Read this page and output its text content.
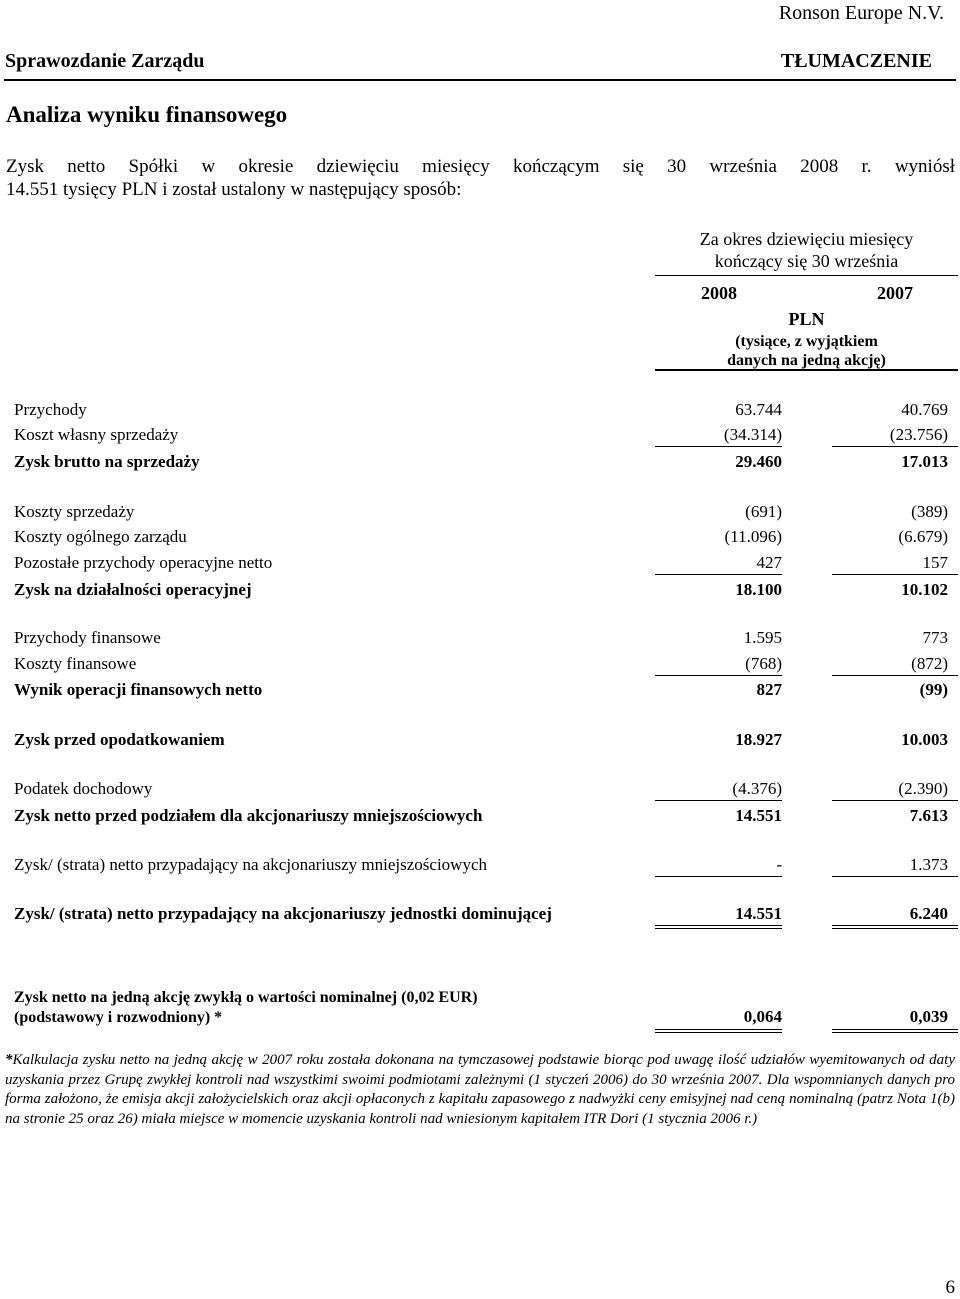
Ronson Europe N.V.
Sprawozdanie Zarządu	TŁUMACZENIE
Analiza wyniku finansowego
Zysk netto Spółki w okresie dziewięciu miesięcy kończącym się 30 września 2008 r. wyniósł
14.551 tysięcy PLN i został ustalony w następujący sposób:
Za okres dziewięciu miesięcy
kończący się 30 września
2008	2007
PLN
(tysiące, z wyjątkiem
danych na jedną akcję)
Przychody	63.744	40.769
Koszt własny sprzedaży	(34.314)	(23.756)
Zysk brutto na sprzedaży	29.460	17.013
Koszty sprzedaży	(691)	(389)
Koszty ogólnego zarządu	(11.096)	(6.679)
Pozostałe przychody operacyjne netto	427	157
Zysk na działalności operacyjnej	18.100	10.102
Przychody finansowe	1.595	773
Koszty finansowe	(768)	(872)
Wynik operacji finansowych netto	827	(99)
Zysk przed opodatkowaniem	18.927	10.003
Podatek dochodowy	(4.376)	(2.390)
Zysk netto przed podziałem dla akcjonariuszy mniejszościowych	14.551	7.613
Zysk/ (strata) netto przypadający na akcjonariuszy mniejszościowych	-	1.373
Zysk/ (strata) netto przypadający na akcjonariuszy jednostki dominującej	14.551	6.240
Zysk netto na jedną akcję zwykłą o wartości nominalnej (0,02 EUR)
(podstawowy i rozwodniony) *	0,064	0,039
*Kalkulacja zysku netto na jedną akcję w 2007 roku została dokonana na tymczasowej podstawie biorąc pod uwagę ilość udziałów wyemitowanych od daty uzyskania przez Grupę zwykłej kontroli nad wszystkimi swoimi podmiotami zależnymi (1 styczeń 2006) do 30 września 2007. Dla wspomnianych danych pro forma założono, że emisja akcji założycielskich oraz akcji opłaconych z kapitału zapasowego z nadwyżki ceny emisyjnej nad ceną nominalną (patrz Nota 1(b) na stronie 25 oraz 26) miała miejsce w momencie uzyskania kontroli nad wniesionym kapitałem ITR Dori (1 stycznia 2006 r.)
6
